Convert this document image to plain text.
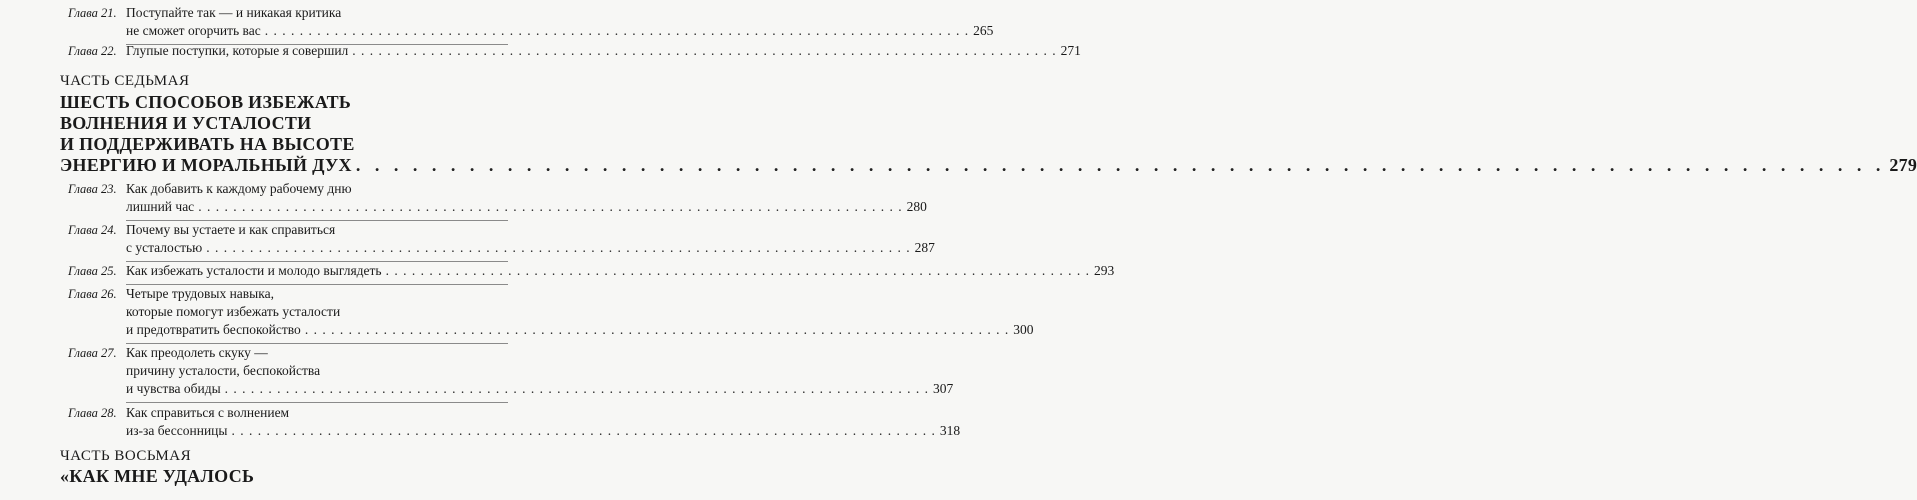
Глава 21. Поступайте так — и никакая критика
не сможет огорчить вас . . .	265
Глава 22. Глупые поступки, которые я совершил . . .	271
ЧАСТЬ СЕДЬМАЯ
ШЕСТЬ СПОСОБОВ ИЗБЕЖАТЬ
ВОЛНЕНИЯ И УСТАЛОСТИ
И ПОДДЕРЖИВАТЬ НА ВЫСОТЕ
ЭНЕРГИЮ И МОРАЛЬНЫЙ ДУХ . . .	279
Глава 23. Как добавить к каждому рабочему дню
лишний час . . .	280
Глава 24. Почему вы устаете и как справиться
с усталостью . . .	287
Глава 25. Как избежать усталости и молодо выглядеть . . .	293
Глава 26. Четыре трудовых навыка,
которые помогут избежать усталости
и предотвратить беспокойство . . .	300
Глава 27. Как преодолеть скуку —
причину усталости, беспокойства
и чувства обиды . . .	307
Глава 28. Как справиться с волнением
из-за бессонницы . . .	318
ЧАСТЬ ВОСЬМАЯ
«КАК МНЕ УДАЛОСЬ
